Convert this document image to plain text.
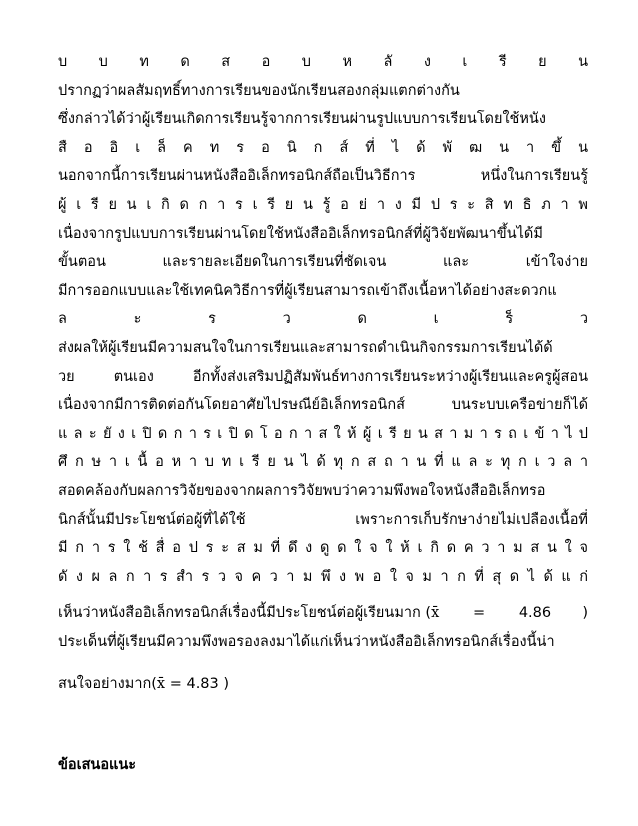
บ บ ท ด ส อ บ ห ลั ง เ รี ย น
ปรากฏว่าผลสัมฤทธิ์ทางการเรียนของนักเรียนสองกลุ่มแตกต่างกัน
ซึ่งกล่าวได้ว่าผู้เรียนเกิดการเรียนรู้จากการเรียนผ่านรูปแบบการเรียนโดยใช้หนัง
สื อ อิ เ ล็ ค ท ร อ นิ ก ส์ ที่ ไ ด้ พั ฒ น า ขึ้ น
นอกจากนี้การเรียนผ่านหนังสืออิเล็กทรอนิกส์ถือเป็นวิธีการ หนึ่งในการเรียนรู้
ผู้ เ รี ย น เ กิ ด ก า ร เ รี ย น รู้ อ ย่ า ง มี ป ร ะ สิ ท ธิ ภ า พ
เนื่องจากรูปแบบการเรียนผ่านโดยใช้หนังสืออิเล็กทรอนิกส์ที่ผู้วิจัยพัฒนาขึ้นได้มี
ขั้นตอน และรายละเอียดในการเรียนที่ชัดเจน และ เข้าใจง่าย
มีการออกแบบและใช้เทคนิควิธีการที่ผู้เรียนสามารถเข้าถึงเนื้อหาได้อย่างสะดวกแ
ล ะ ร ว ด เ ร็ ว
ส่งผลให้ผู้เรียนมีความสนใจในการเรียนและสามารถดำเนินกิจกรรมการเรียนได้ด้
วย ตนเอง อีกทั้งส่งเสริมปฏิสัมพันธ์ทางการเรียนระหว่างผู้เรียนและครูผู้สอน
เนื่องจากมีการติดต่อกันโดยอาศัยไปรษณีย์อิเล็กทรอนิกส์ บนระบบเครือข่ายก็ได้
แ ล ะ ยั ง เ ปิ ด ก า ร เ ปิ ด โ อ ก า ส ใ ห้ ผู้ เ รี ย น ส า ม า ร ถ เ ข้ า ไ ป
ศึ ก ษ า เ นื้ อ ห า บ ท เ รี ย น ไ ด้ ทุ ก ส ถ า น ที่ แ ล ะ ทุ ก เ ว ล า
สอดคล้องกับผลการวิจัยของจากผลการวิจัยพบว่าความพึงพอใจหนังสืออิเล็กทรอ
นิกส์นั้นมีประโยชน์ต่อผู้ที่ได้ใช้ เพราะการเก็บรักษาง่ายไม่เปลืองเนื้อที่
มี ก า ร ใ ช้ สื่ อ ป ร ะ ส ม ที่ ดึ ง ดู ด ใ จ ใ ห้ เ กิ ด ค ว า ม ส น ใ จ
ดั ง ผ ล ก า ร สำ ร ว จ ค ว า ม พึ ง พ อ ใ จ ม า ก ที่ สุ ด ไ ด้ แ ก่
เห็นว่าหนังสืออิเล็กทรอนิกส์เรื่องนี้มีประโยชน์ต่อผู้เรียนมาก (x̄ = 4.86 )
ประเด็นที่ผู้เรียนมีความพึงพอรองลงมาได้แก่เห็นว่าหนังสืออิเล็กทรอนิกส์เรื่องนี้น่า
สนใจอย่างมาก(x̄ = 4.83 )
ข้อเสนอแนะ
